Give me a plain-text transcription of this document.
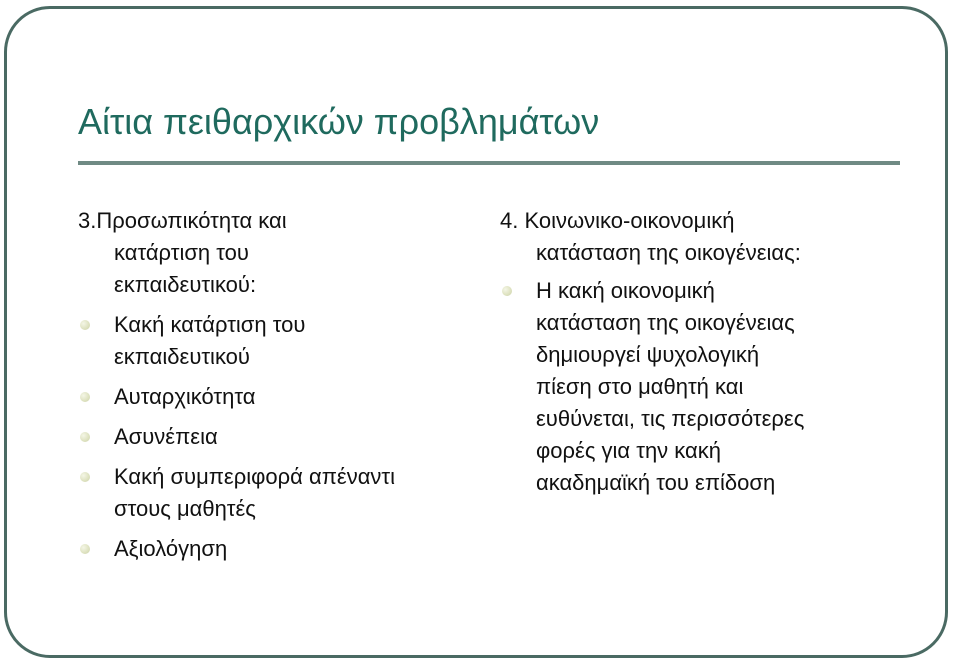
Αίτια πειθαρχικών προβλημάτων
3.Προσωπικότητα και
κατάρτιση του
εκπαιδευτικού:
Κακή κατάρτιση του
εκπαιδευτικού
Αυταρχικότητα
Ασυνέπεια
Κακή συμπεριφορά απέναντι
στους μαθητές
Αξιολόγηση
4. Κοινωνικο-οικονομική
κατάσταση της οικογένειας:
Η κακή οικονομική
κατάσταση της οικογένειας
δημιουργεί ψυχολογική
πίεση στο μαθητή και
ευθύνεται, τις περισσότερες
φορές για την κακή
ακαδημαϊκή του επίδοση
